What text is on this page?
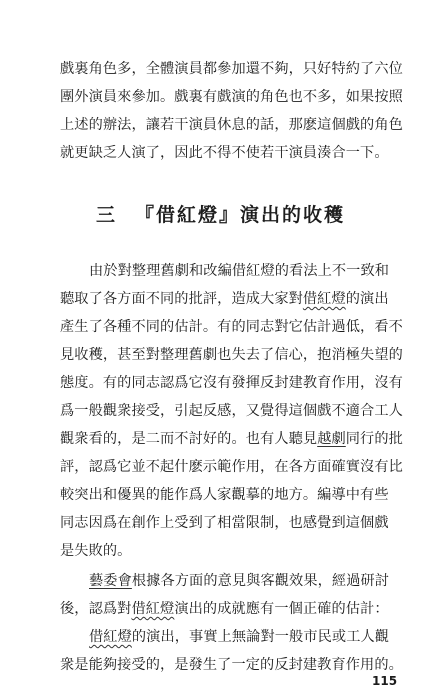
戲裏角色多，全體演員都參加還不夠，只好特約了六位
團外演員來參加。戲裏有戲演的角色也不多，如果按照
上述的辦法，讓若干演員休息的話，那麽這個戲的角色
就更缺乏人演了，因此不得不使若干演員湊合一下。
三 『借紅燈』演出的收穫
由於對整理舊劇和改編借紅燈的看法上不一致和
聽取了各方面不同的批評，造成大家對借紅燈的演出
產生了各種不同的估計。有的同志對它估計過低，看不
見收穫，甚至對整理舊劇也失去了信心，抱消極失望的
態度。有的同志認爲它沒有發揮反封建教育作用，沒有
爲一般觀衆接受，引起反感，又覺得這個戲不適合工人
觀衆看的，是二而不討好的。也有人聽見越劇同行的批
評，認爲它並不起什麽示範作用，在各方面確實沒有比
較突出和優異的能作爲人家觀摹的地方。編導中有些
同志因爲在創作上受到了相當限制，也感覺到這個戲
是失敗的。
藝委會根據各方面的意見與客觀效果，經過研討
後，認爲對借紅燈演出的成就應有一個正確的估計：
借紅燈的演出，事實上無論對一般市民或工人觀
衆是能夠接受的，是發生了一定的反封建教育作用的。
115
